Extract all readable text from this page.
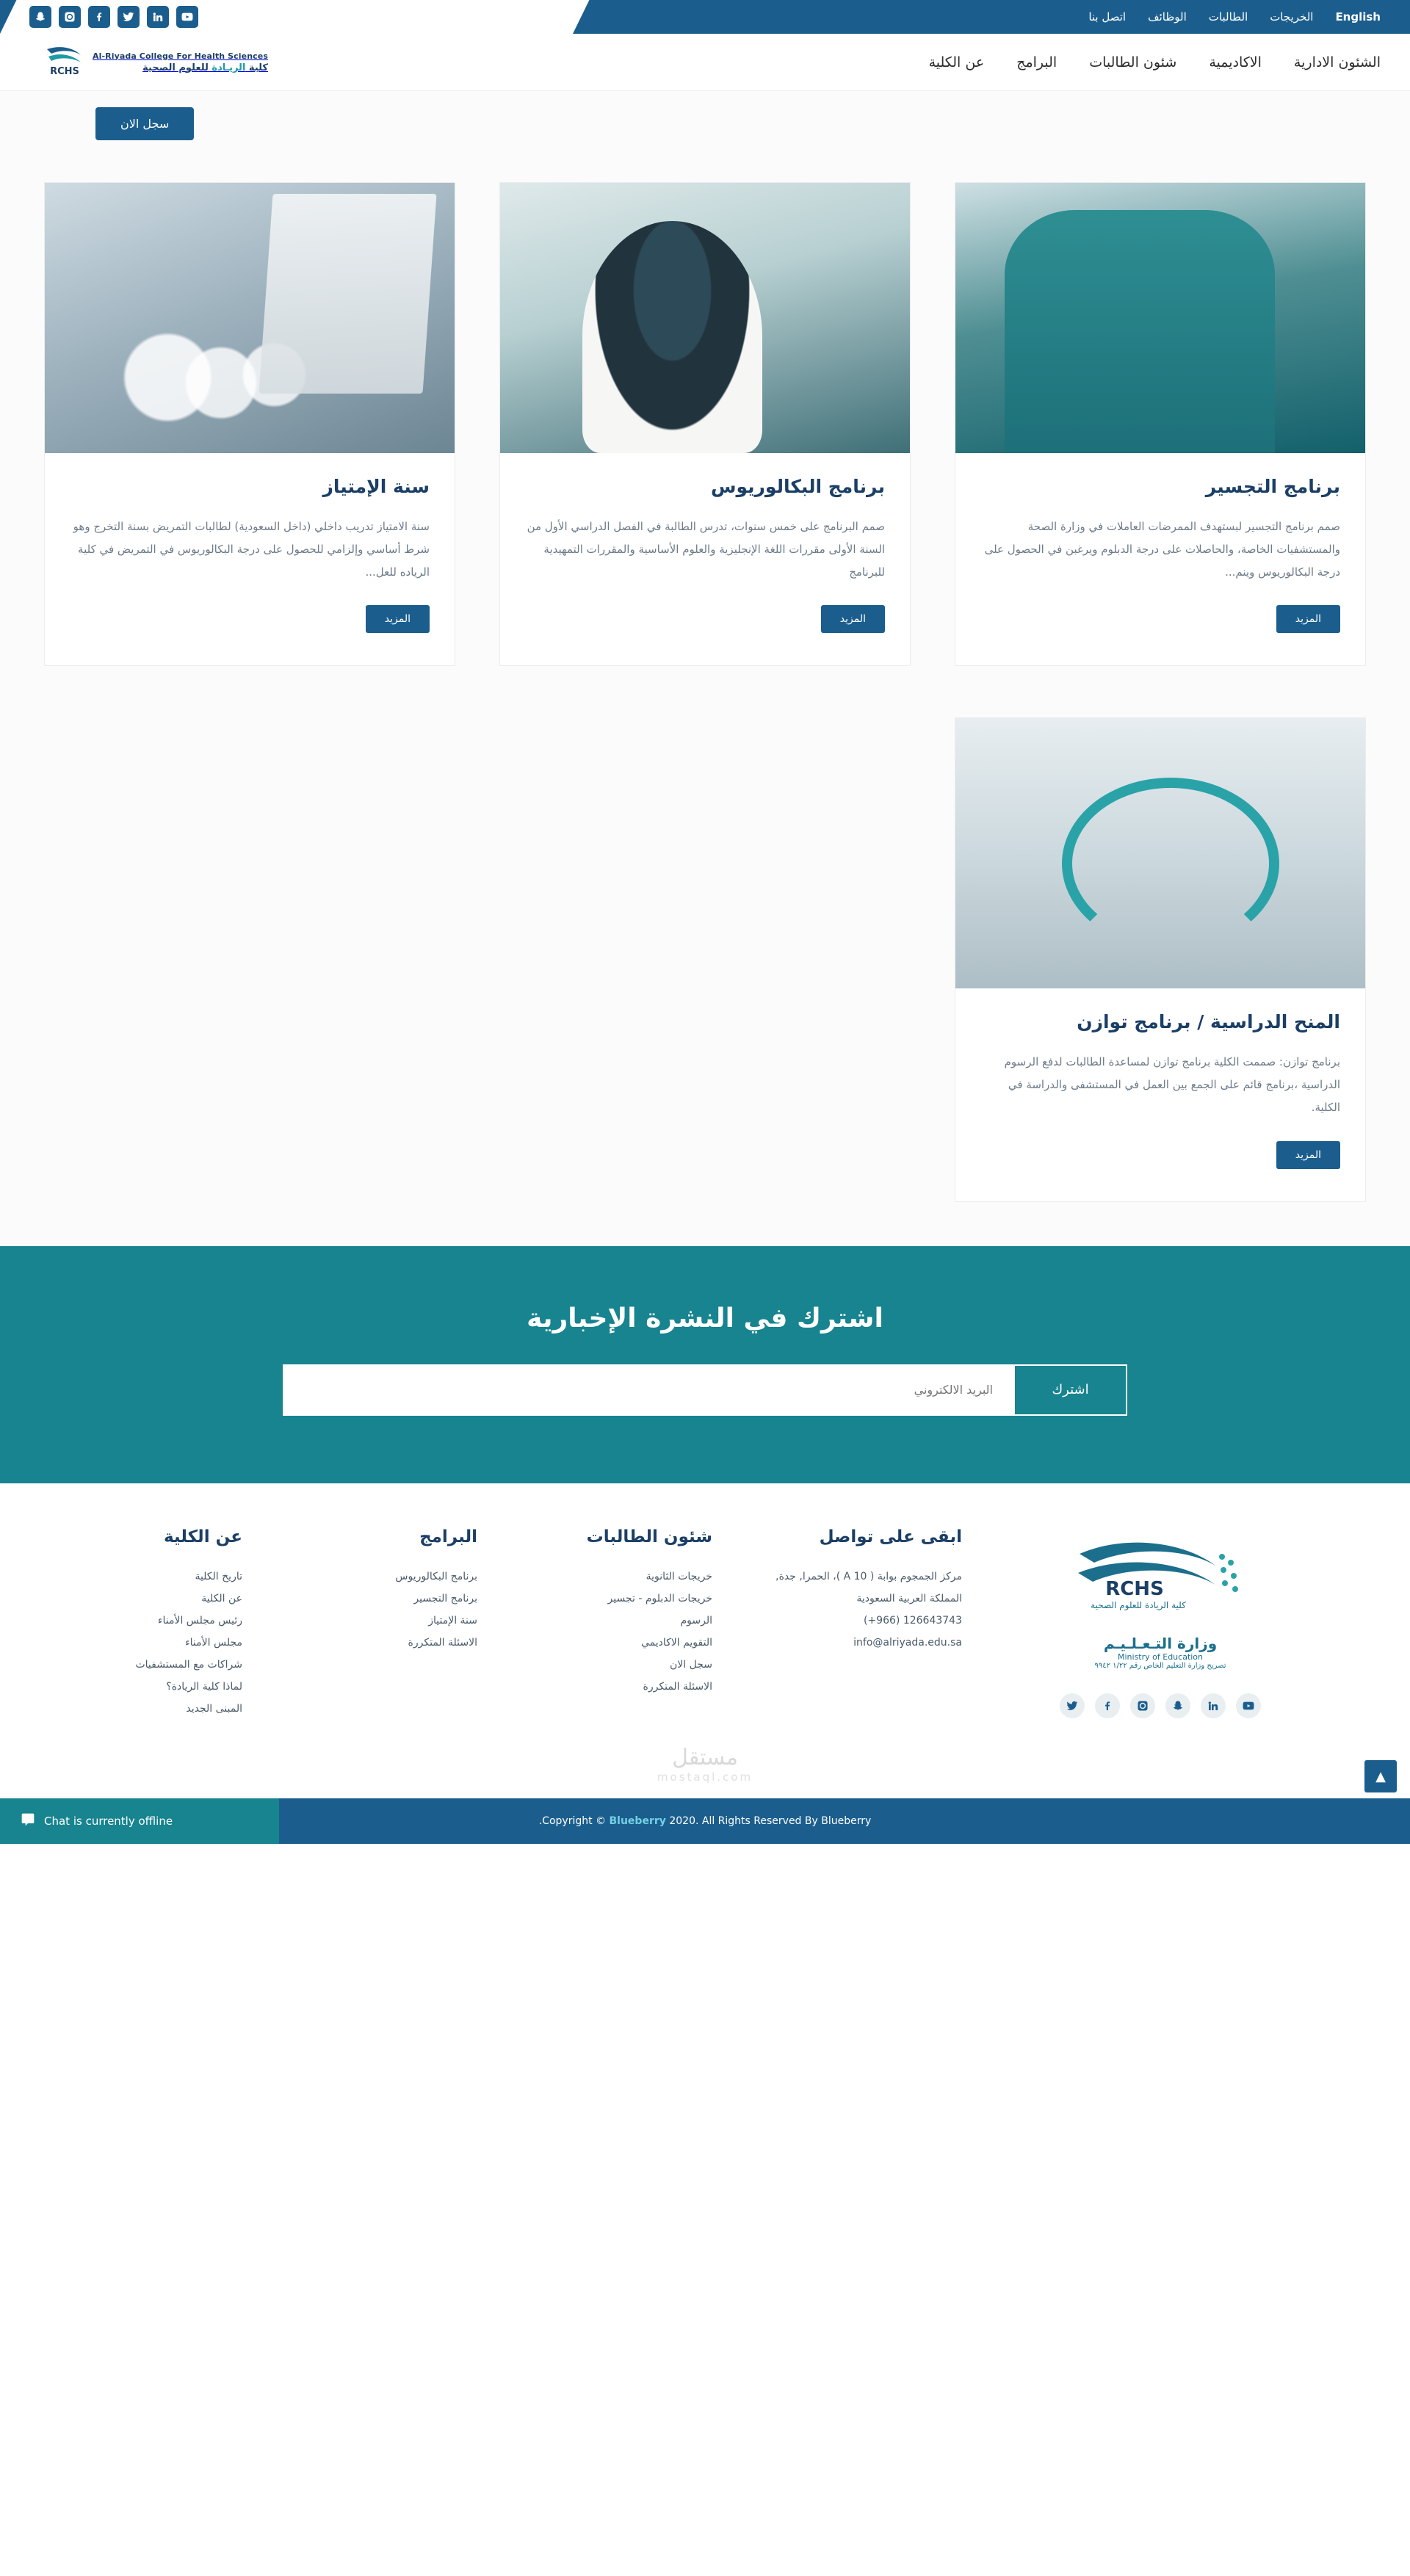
English
الخريجات
الطالبات
الوظائف
اتصل بنا
الشئون الادارية
الاكاديمية
شئون الطالبات
البرامج
عن الكلية
Al-Riyada College For Health Sciences
كلية الريـادة للعلوم الصحية
RCHS
سجل الان
برنامج التجسير
صمم برنامج التجسير لبستهدف الممرضات العاملات في وزارة الصحة والمستشفيات الخاصة، والحاصلات على درجة الدبلوم ويرغبن في الحصول على درجة البكالوريوس وينم...
المزيد
برنامج البكالوريوس
صمم البرنامج على خمس سنوات، تدرس الطالبة في الفصل الدراسي الأول من السنة الأولى مقررات اللغة الإنجليزية والعلوم الأساسية والمقررات التمهيدية للبرنامج
المزيد
سنة الإمتياز
سنة الامتياز تدريب داخلي (داخل السعودية) لطالبات التمريض بسنة التخرج وهو شرط أساسي وإلزامي للحصول على درجة البكالوريوس في التمريض في كلية الرياده للعل...
المزيد
المنح الدراسية / برنامج توازن
برنامج توازن: صممت الكلية برنامج توازن لمساعدة الطالبات لدفع الرسوم الدراسية ،برنامج قائم على الجمع بين العمل في المستشفى والدراسة في الكلية.
المزيد
اشترك في النشرة الإخبارية
البريد الالكتروني
اشترك
عن الكلية
تاريخ الكلية
عن الكلية
رئيس مجلس الأمناء
مجلس الأمناء
شراكات مع المستشفيات
لماذا كلية الريادة؟
المبنى الجديد
البرامج
برنامج البكالوريوس
برنامج التجسير
سنة الإمتياز
الاسئلة المتكررة
شئون الطالبات
خريجات الثانوية
خريجات الدبلوم - تجسير
الرسوم
التقويم الاكاديمي
سجل الان
الاسئلة المتكررة
ابقى على تواصل
مركز الجمجوم بوابة ( A 10 )، الحمرا, جدة, المملكة العربية السعودية
126643743 (966+)
info@alriyada.edu.sa
RCHS
كلية الريادة للعلوم الصحية
وزارة التـعـلـيـم
Ministry of Education
تصريح وزارة التعليم الخاص رقم ١/٢٢ ٩٩٤٢
مستقل
mostaql.com
Copyright © Blueberry 2020. All Rights Reserved By Blueberry.
▲
Chat is currently offline
